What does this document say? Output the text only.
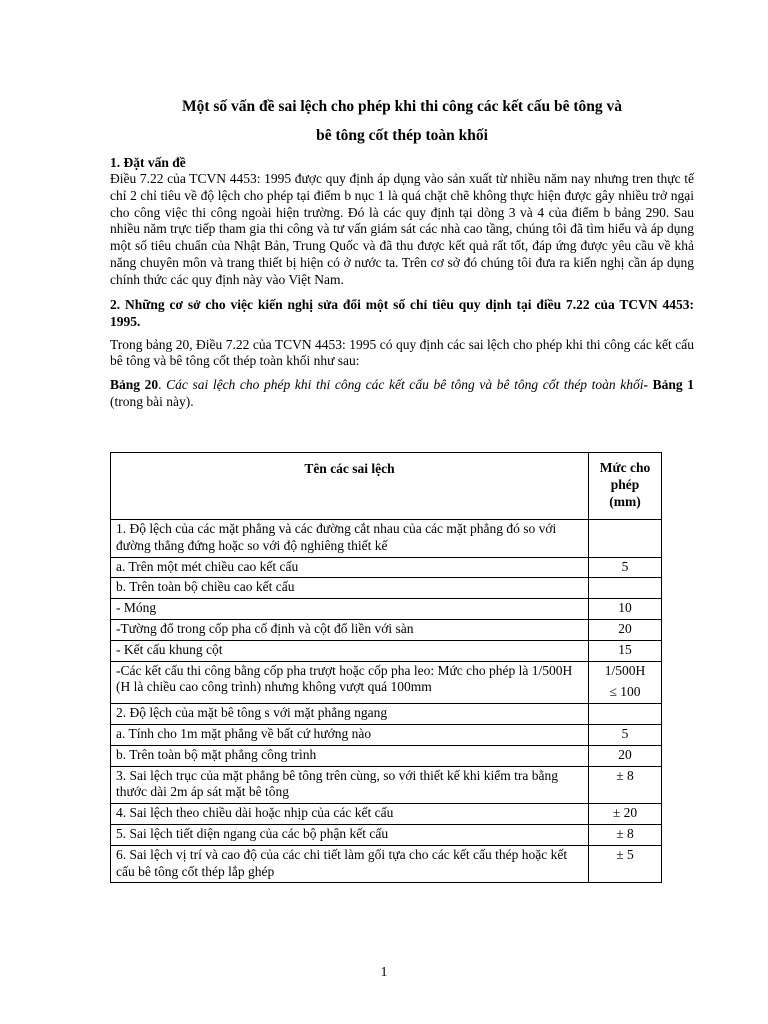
Một số vấn đề sai lệch cho phép khi thi công các kết cấu bê tông và
bê tông cốt thép toàn khối
1. Đặt vấn đề

Điều 7.22 của TCVN 4453: 1995 được quy định áp dụng vào sản xuất từ nhiều năm nay nhưng tren thực tế chỉ 2 chỉ tiêu về độ lệch cho phép tại điểm b nục 1 là quá chặt chẽ không thực hiện được gây nhiều trở ngại cho công việc thi công ngoài hiện trường. Đó là các quy định tại dòng 3 và 4 của điểm b bảng 290. Sau nhiều năm trực tiếp tham gia thi công và tư vấn giám sát các nhà cao tầng, chúng tôi đã tìm hiểu và áp dụng một số tiêu chuẩn của Nhật Bản, Trung Quốc và đã thu được kết quả rất tốt, đáp ứng được yêu cầu về khả năng chuyên môn và trang thiết bị hiện có ở nước ta. Trên cơ sở đó chúng tôi đưa ra kiến nghị cần áp dụng chính thức các quy định này vào Việt Nam.

2. Những cơ sở cho việc kiến nghị sửa đổi một số chỉ tiêu quy dịnh tại điều 7.22 của TCVN 4453: 1995.

Trong bảng 20, Điều 7.22 của TCVN 4453: 1995 có quy định các sai lệch cho phép khi thi công các kết cấu bê tông và bê tông cốt thép toàn khối như sau:

Bảng 20. Các sai lệch cho phép khi thi công các kết cấu bê tông và bê tông cốt thép toàn khối- Bảng 1 (trong bài này).

Tên các sai lệch	Mức cho phép (mm)
1. Độ lệch của các mặt phẳng và các đường cắt nhau của các mặt phẳng đó so với đường thẳng đứng hoặc so với độ nghiêng thiết kế	
a. Trên một mét chiều cao kết cấu	5
b. Trên toàn bộ chiều cao kết cấu	
- Móng	10
-Tường đổ trong cốp pha cố định và cột đổ liền với sàn	20
- Kết cấu khung cột	15
-Các kết cấu thi công bằng cốp pha trượt hoặc cốp pha leo: Mức cho phép là 1/500H (H là chiều cao công trình) nhưng không vượt quá 100mm	1/500H
≤ 100

2. Độ lệch của mặt bê tông s với mặt phẳng ngang	
a. Tính cho 1m mặt phẳng về bất cứ hướng nào	5
b. Trên toàn bộ mặt phẳng công trình	20
3. Sai lệch trục của mặt phẳng bê tông trên cùng, so với thiết kế khi kiểm tra bằng thước dài 2m áp sát mặt bê tông	± 8
4. Sai lệch theo chiều dài hoặc nhịp của các kết cấu	± 20
5. Sai lệch tiết diện ngang của các bộ phận kết cấu	± 8
6. Sai lệch vị trí và cao độ của các chi tiết làm gối tựa cho các kết cấu thép hoặc kết cấu bê tông cốt thép lắp ghép	± 5
1
